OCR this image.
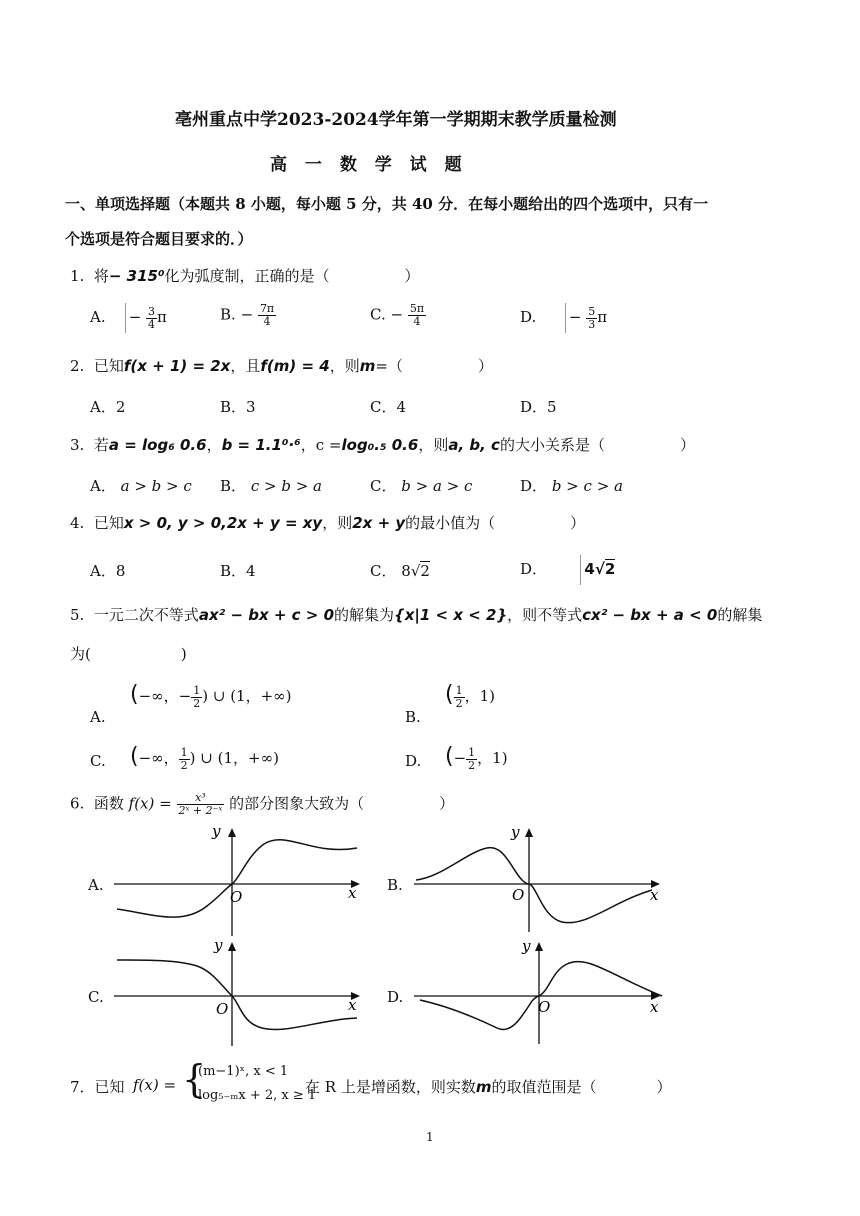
亳州重点中学2023-2024学年第一学期期末教学质量检测
高 一 数 学 试 题
一、单项选择题（本题共 8 小题，每小题 5 分，共 40 分．在每小题给出的四个选项中，只有一
个选项是符合题目要求的．）
1. 将− 315⁰化为弧度制，正确的是（　　　　　）
A. − $\frac{3}{4}$ π	B. − $\frac{7\pi}{4}$	C. − $\frac{5\pi}{4}$	D. − $\frac{5}{3}$ π
2. 已知f(x + 1) = 2x，且f(m) = 4，则m=（　　　　　）
A．2	B．3	C．4	D．5
3. 若a = log₆ 0.6，b = 1.1⁰·⁶，c =log₀.₅ 0.6，则a, b, c的大小关系是（　　　　　）
A． a > b > c B． c > b > a	C． b > a > c	D． b > c > a
4. 已知x > 0, y > 0,2x + y = xy，则2x + y的最小值为（　　　　　）
A．8	B．4	C． 8√2	D． 4√2
5. 一元二次不等式ax² − bx + c > 0的解集为{x|1 < x < 2}，则不等式cx² − bx + a < 0的解集
为(　　　　　　)
A.
(−∞，− $\frac{1}{2}$ ) ∪ (1，+∞)
B.
( $\frac{1}{2}$ ，1)
C. (−∞， $\frac{1}{2}$ ) ∪ (1，+∞)	D. (− $\frac{1}{2}$ ，1)
6. 函数 $f(x) = \frac{\text{x³}}{\text{2ˣ + 2⁻ˣ}}$ 的部分图象大致为（　　　　　）
A.
y
x
O
B.
y
x
O
C.
y
x
O
D.
y
x
O
7．已知 f(x) = {
(m−1)ˣ, x < 1
log₅₋ₘx + 2, x ≥ 1
在 R 上是增函数，则实数m的取值范围是（　　　　）
1
